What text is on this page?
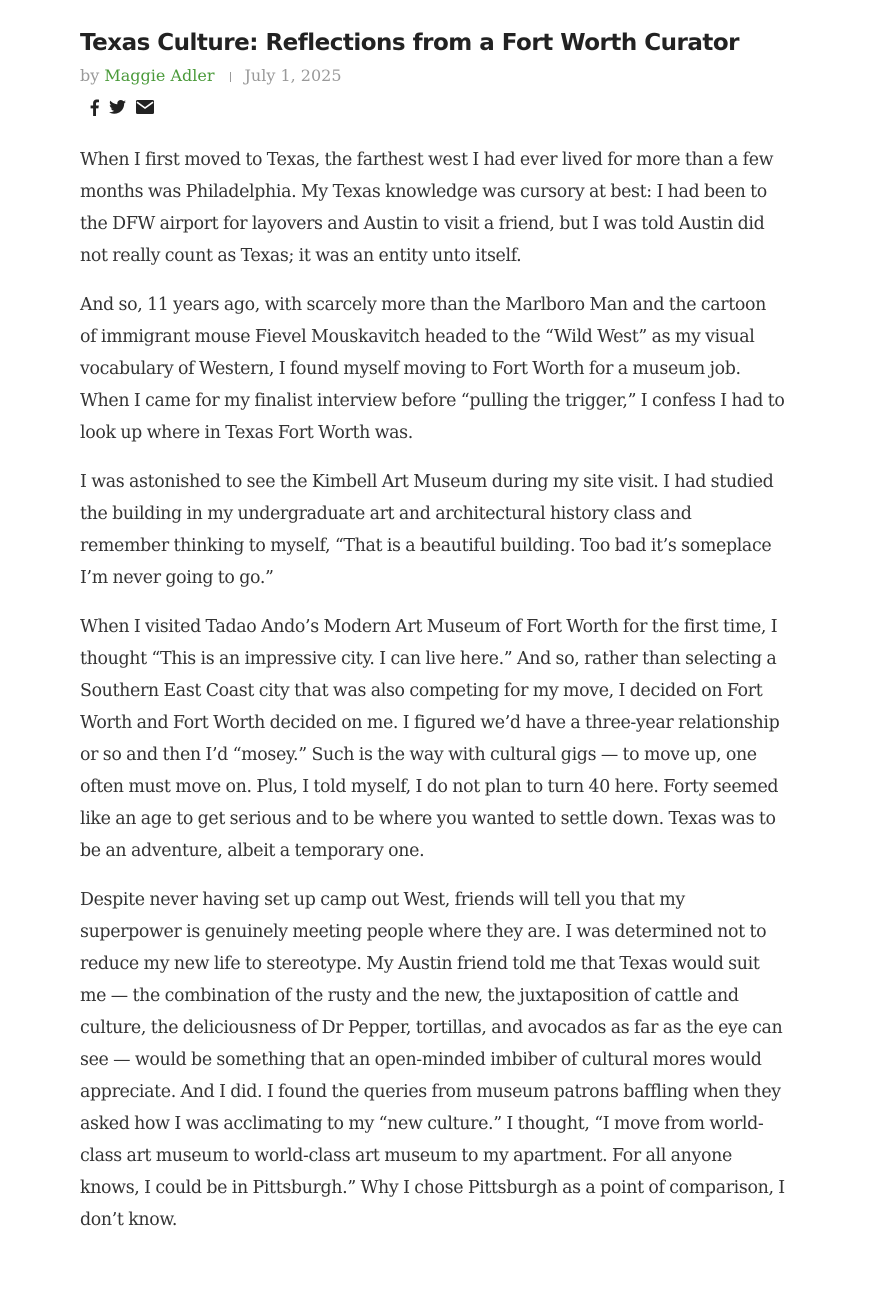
Texas Culture: Reflections from a Fort Worth Curator
by Maggie Adler July 1, 2025

When I first moved to Texas, the farthest west I had ever lived for more than a few months was Philadelphia. My Texas knowledge was cursory at best: I had been to the DFW airport for layovers and Austin to visit a friend, but I was told Austin did not really count as Texas; it was an entity unto itself.

And so, 11 years ago, with scarcely more than the Marlboro Man and the cartoon of immigrant mouse Fievel Mouskavitch headed to the “Wild West” as my visual vocabulary of Western, I found myself moving to Fort Worth for a museum job. When I came for my finalist interview before “pulling the trigger,” I confess I had to look up where in Texas Fort Worth was.

I was astonished to see the Kimbell Art Museum during my site visit. I had studied the building in my undergraduate art and architectural history class and remember thinking to myself, “That is a beautiful building. Too bad it’s someplace I’m never going to go.”

When I visited Tadao Ando’s Modern Art Museum of Fort Worth for the first time, I thought “This is an impressive city. I can live here.” And so, rather than selecting a Southern East Coast city that was also competing for my move, I decided on Fort Worth and Fort Worth decided on me. I figured we’d have a three-year relationship or so and then I’d “mosey.” Such is the way with cultural gigs — to move up, one often must move on. Plus, I told myself, I do not plan to turn 40 here. Forty seemed like an age to get serious and to be where you wanted to settle down. Texas was to be an adventure, albeit a temporary one.

Despite never having set up camp out West, friends will tell you that my superpower is genuinely meeting people where they are. I was determined not to reduce my new life to stereotype. My Austin friend told me that Texas would suit me — the combination of the rusty and the new, the juxtaposition of cattle and culture, the deliciousness of Dr Pepper, tortillas, and avocados as far as the eye can see — would be something that an open-minded imbiber of cultural mores would appreciate. And I did. I found the queries from museum patrons baffling when they asked how I was acclimating to my “new culture.” I thought, “I move from world-class art museum to world-class art museum to my apartment. For all anyone knows, I could be in Pittsburgh.” Why I chose Pittsburgh as a point of comparison, I don’t know.
